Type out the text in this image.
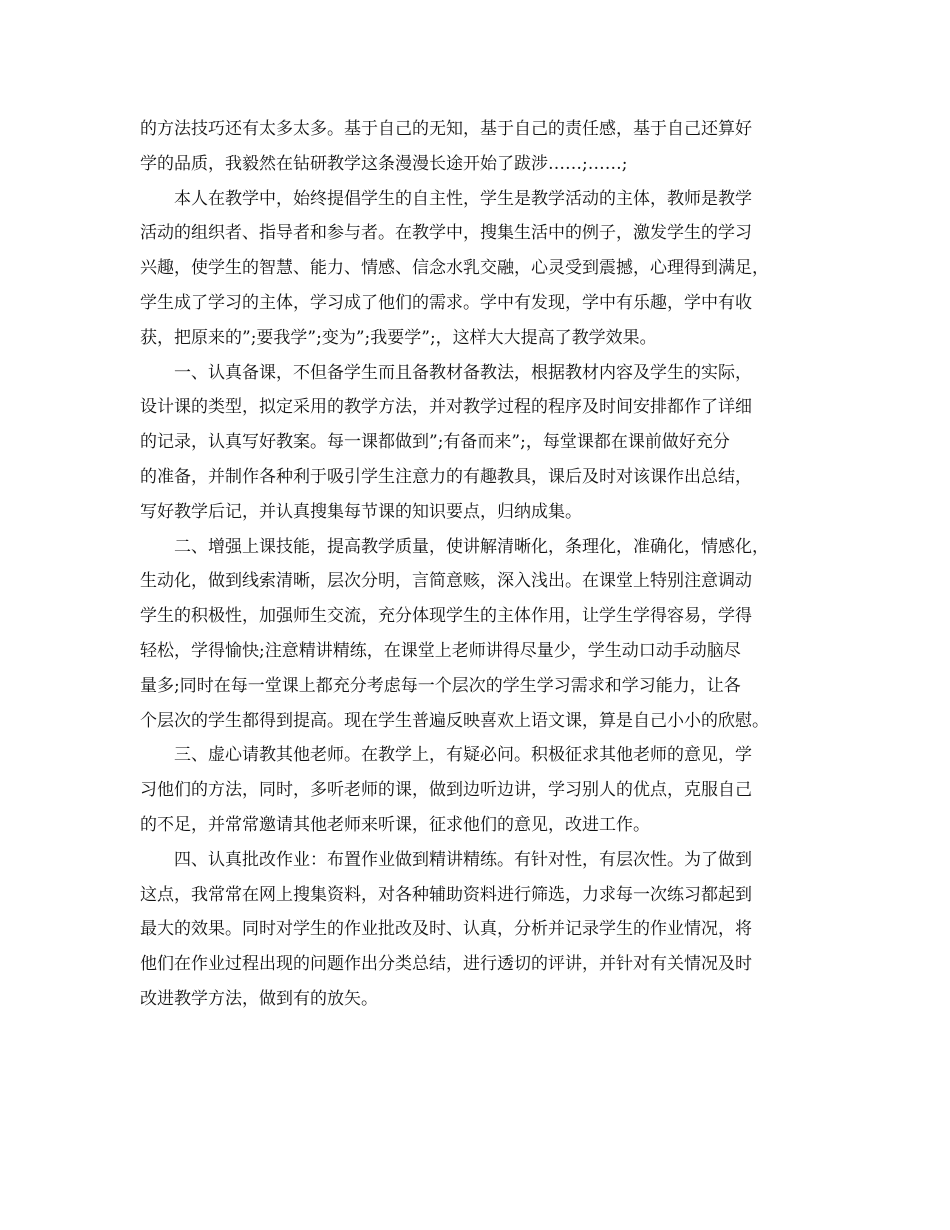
的方法技巧还有太多太多。基于自己的无知，基于自己的责任感，基于自己还算好
学的品质，我毅然在钻研教学这条漫漫长途开始了跋涉……;……;
本人在教学中，始终提倡学生的自主性，学生是教学活动的主体，教师是教学
活动的组织者、指导者和参与者。在教学中，搜集生活中的例子，激发学生的学习
兴趣，使学生的智慧、能力、情感、信念水乳交融，心灵受到震撼，心理得到满足，
学生成了学习的主体，学习成了他们的需求。学中有发现，学中有乐趣，学中有收
获，把原来的”;要我学”;变为”;我要学”;，这样大大提高了教学效果。
一、认真备课，不但备学生而且备教材备教法，根据教材内容及学生的实际，
设计课的类型，拟定采用的教学方法，并对教学过程的程序及时间安排都作了详细
的记录，认真写好教案。每一课都做到”;有备而来”;，每堂课都在课前做好充分
的准备，并制作各种利于吸引学生注意力的有趣教具，课后及时对该课作出总结，
写好教学后记，并认真搜集每节课的知识要点，归纳成集。
二、增强上课技能，提高教学质量，使讲解清晰化，条理化，准确化，情感化，
生动化，做到线索清晰，层次分明，言简意赅，深入浅出。在课堂上特别注意调动
学生的积极性，加强师生交流，充分体现学生的主体作用，让学生学得容易，学得
轻松，学得愉快;注意精讲精练，在课堂上老师讲得尽量少，学生动口动手动脑尽
量多;同时在每一堂课上都充分考虑每一个层次的学生学习需求和学习能力，让各
个层次的学生都得到提高。现在学生普遍反映喜欢上语文课，算是自己小小的欣慰。
三、虚心请教其他老师。在教学上，有疑必问。积极征求其他老师的意见，学
习他们的方法，同时，多听老师的课，做到边听边讲，学习别人的优点，克服自己
的不足，并常常邀请其他老师来听课，征求他们的意见，改进工作。
四、认真批改作业：布置作业做到精讲精练。有针对性，有层次性。为了做到
这点，我常常在网上搜集资料，对各种辅助资料进行筛选，力求每一次练习都起到
最大的效果。同时对学生的作业批改及时、认真，分析并记录学生的作业情况，将
他们在作业过程出现的问题作出分类总结，进行透切的评讲，并针对有关情况及时
改进教学方法，做到有的放矢。
